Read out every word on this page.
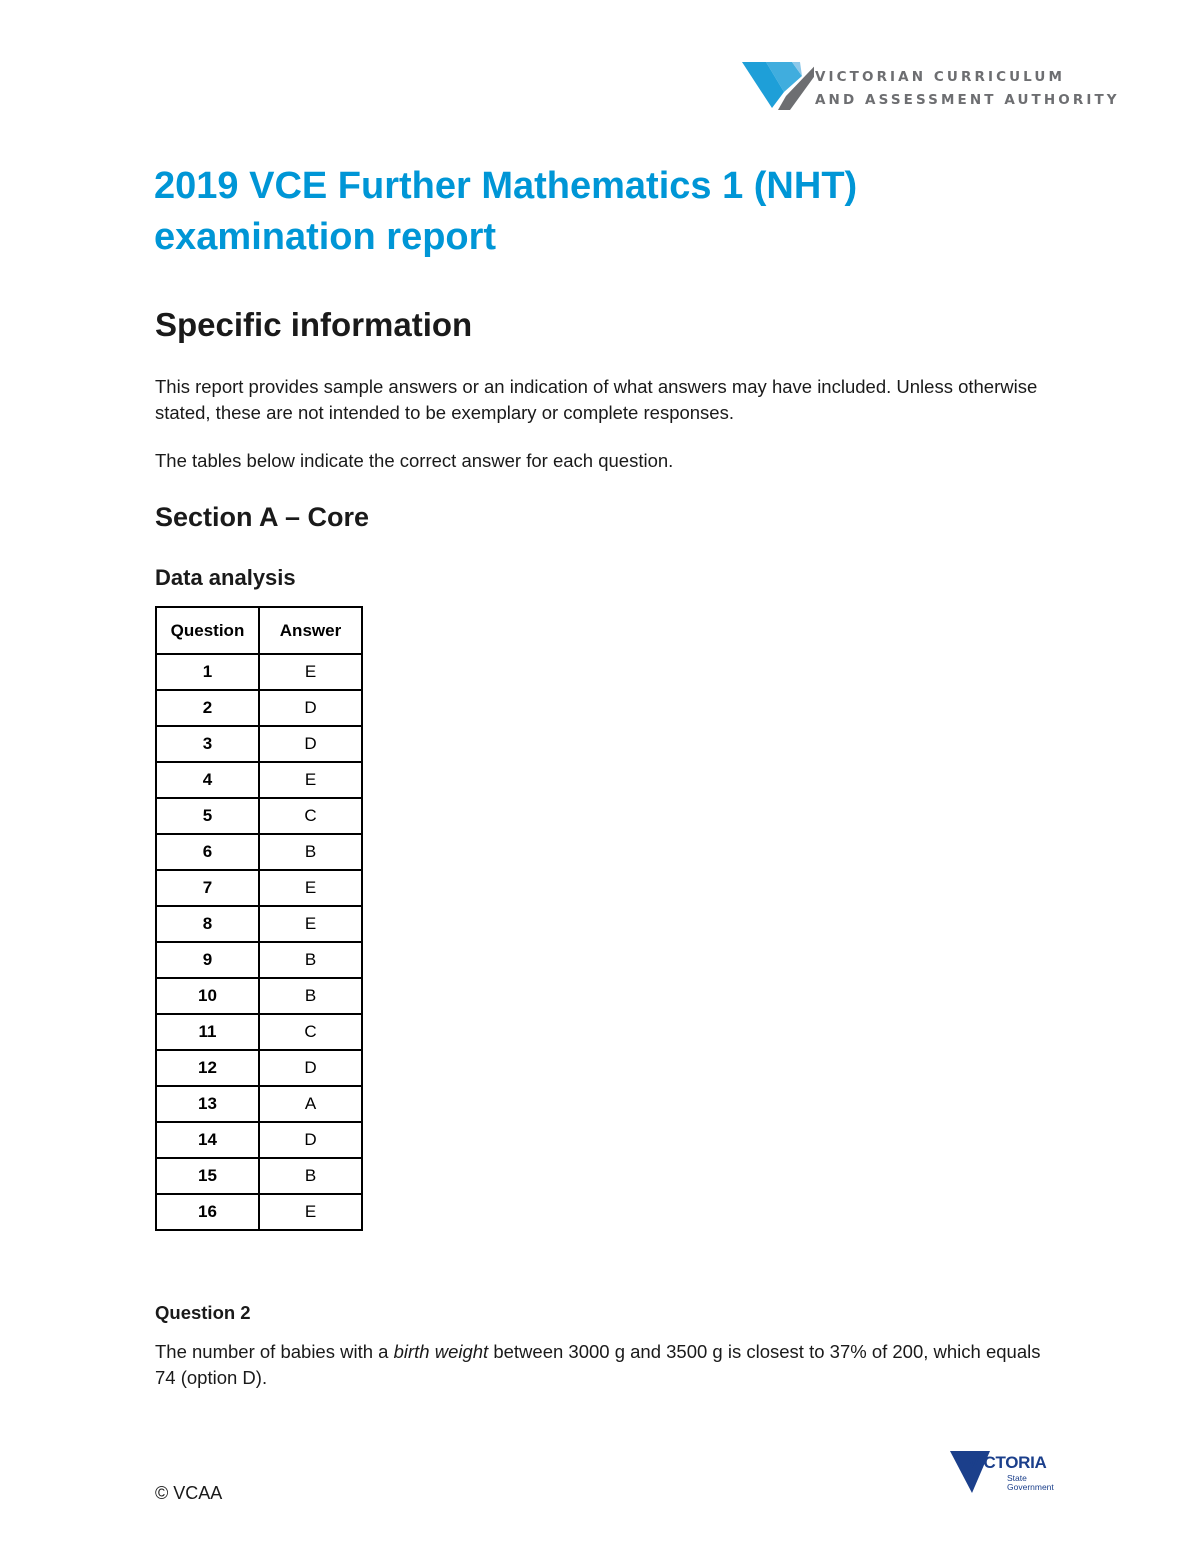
VICTORIAN CURRICULUM
AND ASSESSMENT AUTHORITY
2019 VCE Further Mathematics 1 (NHT)
examination report
Specific information

This report provides sample answers or an indication of what answers may have included. Unless otherwise stated, these are not intended to be exemplary or complete responses.

The tables below indicate the correct answer for each question.

Section A – Core
Data analysis
Question	Answer
1	E
2	D
3	D
4	E
5	C
6	B
7	E
8	E
9	B
10	B
11	C
12	D
13	A
14	D
15	B
16	E
Question 2

The number of babies with a birth weight between 3000 g and 3500 g is closest to 37% of 200, which equals 74 (option D).

© VCAA
VICTORIA
State
Government
